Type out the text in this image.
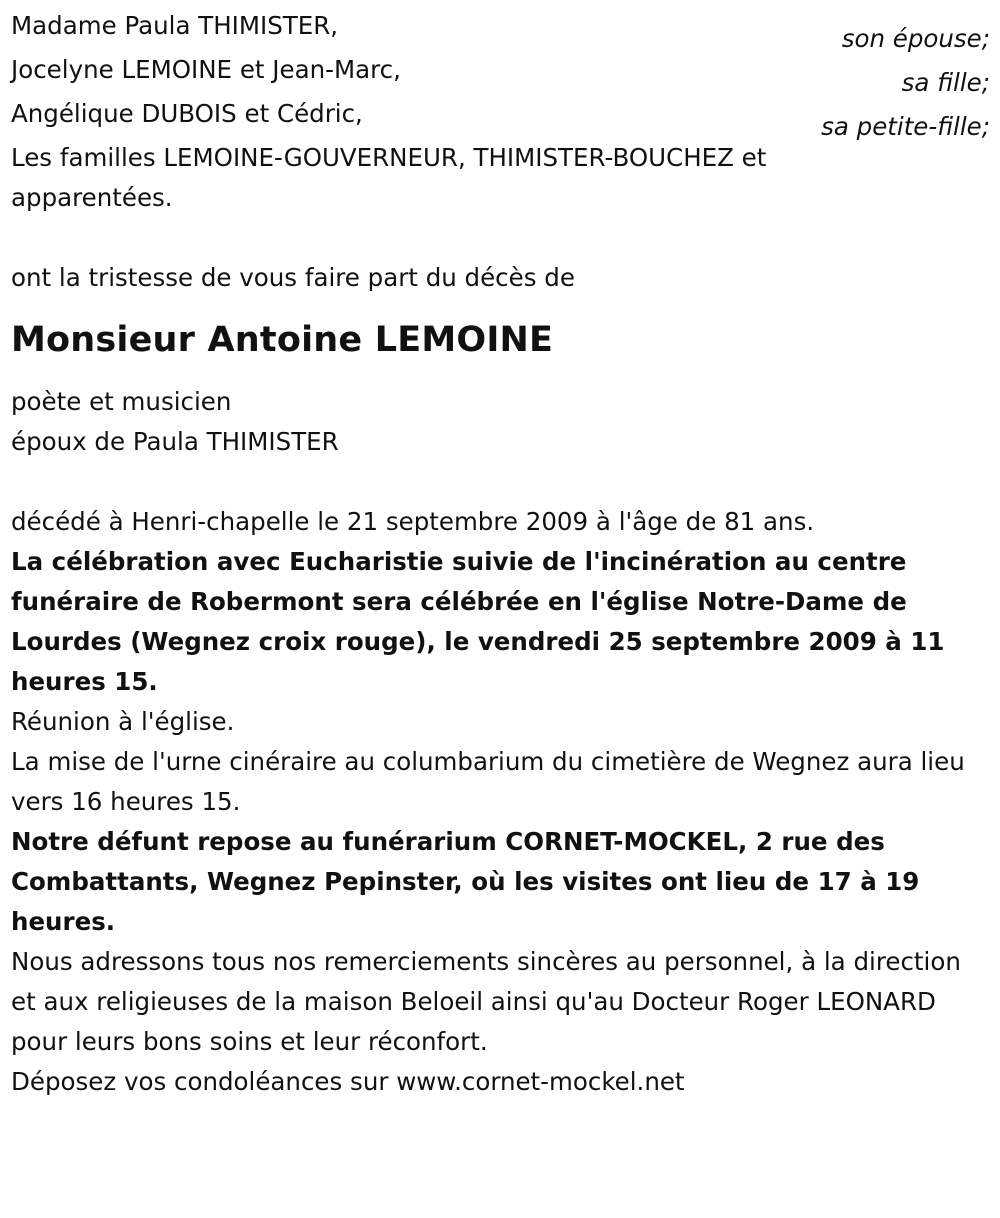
Madame Paula THIMISTER,	son épouse;

Jocelyne LEMOINE et Jean-Marc,	sa fille;

Angélique DUBOIS et Cédric,	sa petite-fille;

Les familles LEMOINE-GOUVERNEUR, THIMISTER-BOUCHEZ et apparentées.

ont la tristesse de vous faire part du décès de

Monsieur Antoine LEMOINE

poète et musicien

époux de Paula THIMISTER

décédé à Henri-chapelle le 21 septembre 2009 à l'âge de 81 ans.

La célébration avec Eucharistie suivie de l'incinération au centre funéraire de Robermont sera célébrée en l'église Notre-Dame de Lourdes (Wegnez croix rouge), le vendredi 25 septembre 2009 à 11 heures 15.

Réunion à l'église.

La mise de l'urne cinéraire au columbarium du cimetière de Wegnez aura lieu vers 16 heures 15.

Notre défunt repose au funérarium CORNET-MOCKEL, 2 rue des Combattants, Wegnez Pepinster, où les visites ont lieu de 17 à 19 heures.

Nous adressons tous nos remerciements sincères au personnel, à la direction et aux religieuses de la maison Beloeil ainsi qu'au Docteur Roger LEONARD pour leurs bons soins et leur réconfort.

Déposez vos condoléances sur www.cornet-mockel.net
